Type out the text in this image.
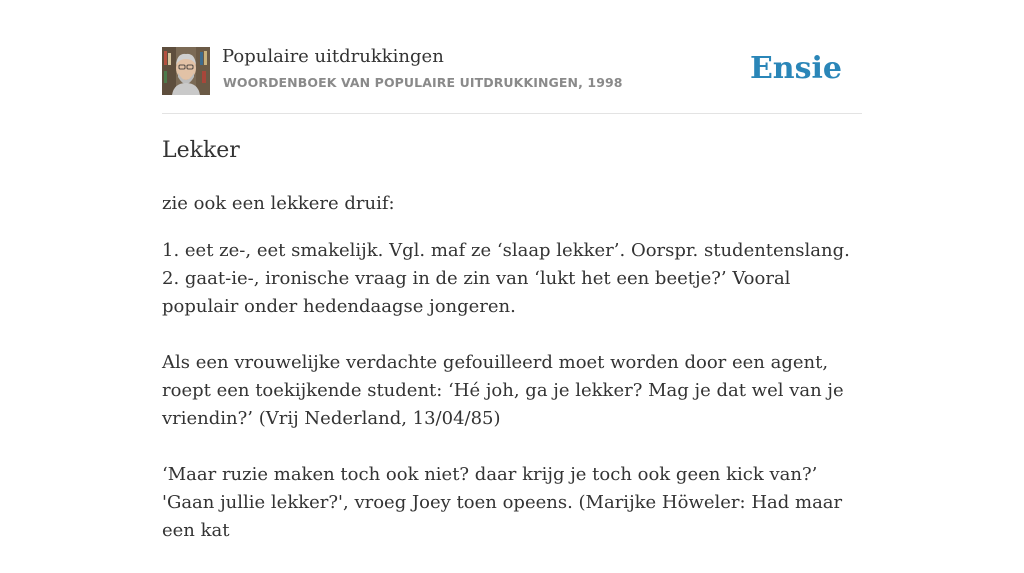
Populaire uitdrukkingen
WOORDENBOEK VAN POPULAIRE UITDRUKKINGEN, 1998	Ensie
Lekker
zie ook een lekkere druif:

1. eet ze-, eet smakelijk. Vgl. maf ze ‘slaap lekker’. Oorspr. studentenslang.

2. gaat-ie-, ironische vraag in de zin van ‘lukt het een beetje?’ Vooral populair onder hedendaagse jongeren.

Als een vrouwelijke verdachte gefouilleerd moet worden door een agent, roept een toekijkende student: ‘Hé joh, ga je lekker? Mag je dat wel van je vriendin?’ (Vrij Nederland, 13/04/85)

‘Maar ruzie maken toch ook niet? daar krijg je toch ook geen kick van?’ 'Gaan jullie lekker?', vroeg Joey toen opeens. (Marijke Höweler: Had maar een kat
